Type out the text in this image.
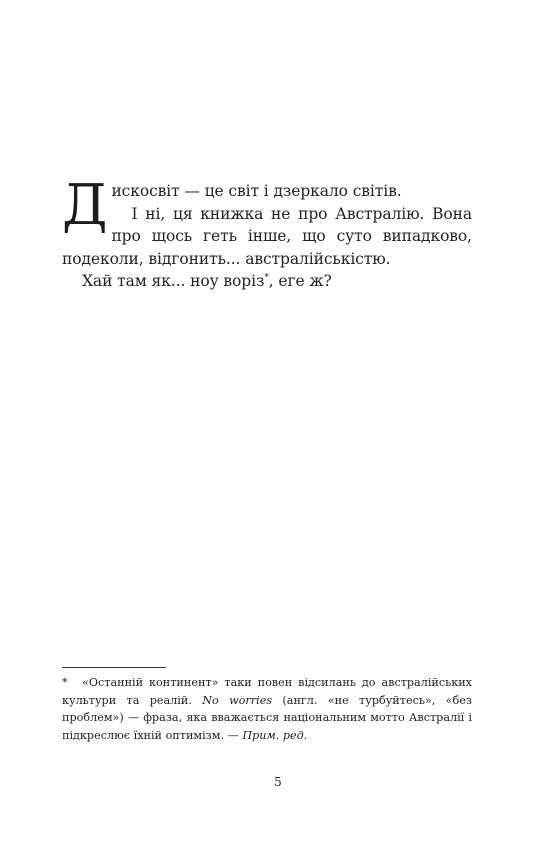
Дискосвіт — це світ і дзеркало світів.

І ні, ця книжка не про Австралію. Вона про щось геть інше, що суто випадково, подеколи, відгонить... австралійськістю.

Хай там як... ноу воріз*, еге ж?

* «Останній континент» таки повен відсилань до австралійських культури та реалій. No worries (англ. «не турбуйтесь», «без проблем») — фраза, яка вважається національним мотто Австралії і підкреслює їхній оптимізм. — Прим. ред.

5
